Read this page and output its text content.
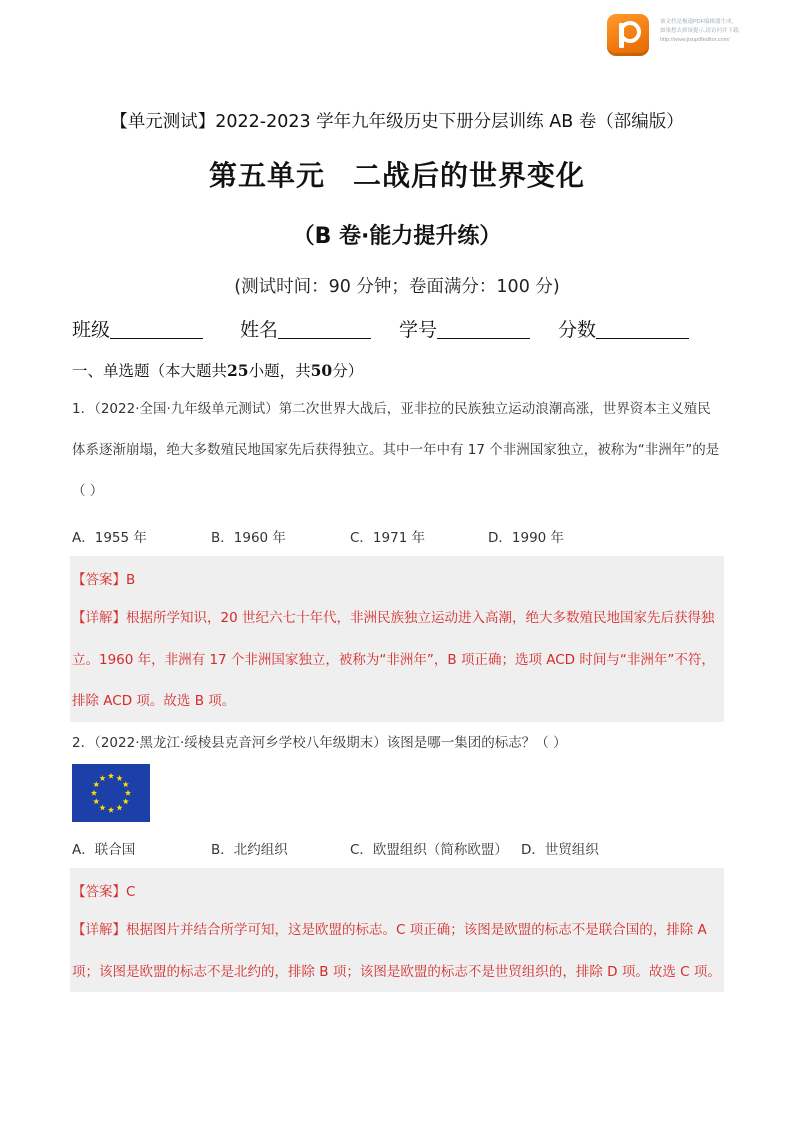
该文档是极速PDF编辑器生成,
如果想去掉该提示,请访问并下载:
http://www.jisupdfeditor.com/
【单元测试】2022-2023 学年九年级历史下册分层训练 AB 卷（部编版）
第五单元 二战后的世界变化
（B 卷·能力提升练）
(测试时间：90 分钟；卷面满分：100 分)
班级	姓名	学号	分数
一、单选题（本大题共25小题，共50分）
1．（2022·全国·九年级单元测试）第二次世界大战后，亚非拉的民族独立运动浪潮高涨，世界资本主义殖民体系逐渐崩塌，绝大多数殖民地国家先后获得独立。其中一年中有 17 个非洲国家独立，被称为“非洲年”的是（ ）
A．1955 年	B．1960 年	C．1971 年	D．1990 年
【答案】B
【详解】根据所学知识，20 世纪六七十年代，非洲民族独立运动进入高潮，绝大多数殖民地国家先后获得独立。1960 年，非洲有 17 个非洲国家独立，被称为“非洲年”，B 项正确；选项 ACD 时间与“非洲年”不符，排除 ACD 项。故选 B 项。
2．（2022·黑龙江·绥棱县克音河乡学校八年级期末）该图是哪一集团的标志？（ ）
A．联合国	B．北约组织	C．欧盟组织（简称欧盟） D．世贸组织
【答案】C
【详解】根据图片并结合所学可知，这是欧盟的标志。C 项正确；该图是欧盟的标志不是联合国的，排除 A 项；该图是欧盟的标志不是北约的，排除 B 项；该图是欧盟的标志不是世贸组织的，排除 D 项。故选 C 项。
